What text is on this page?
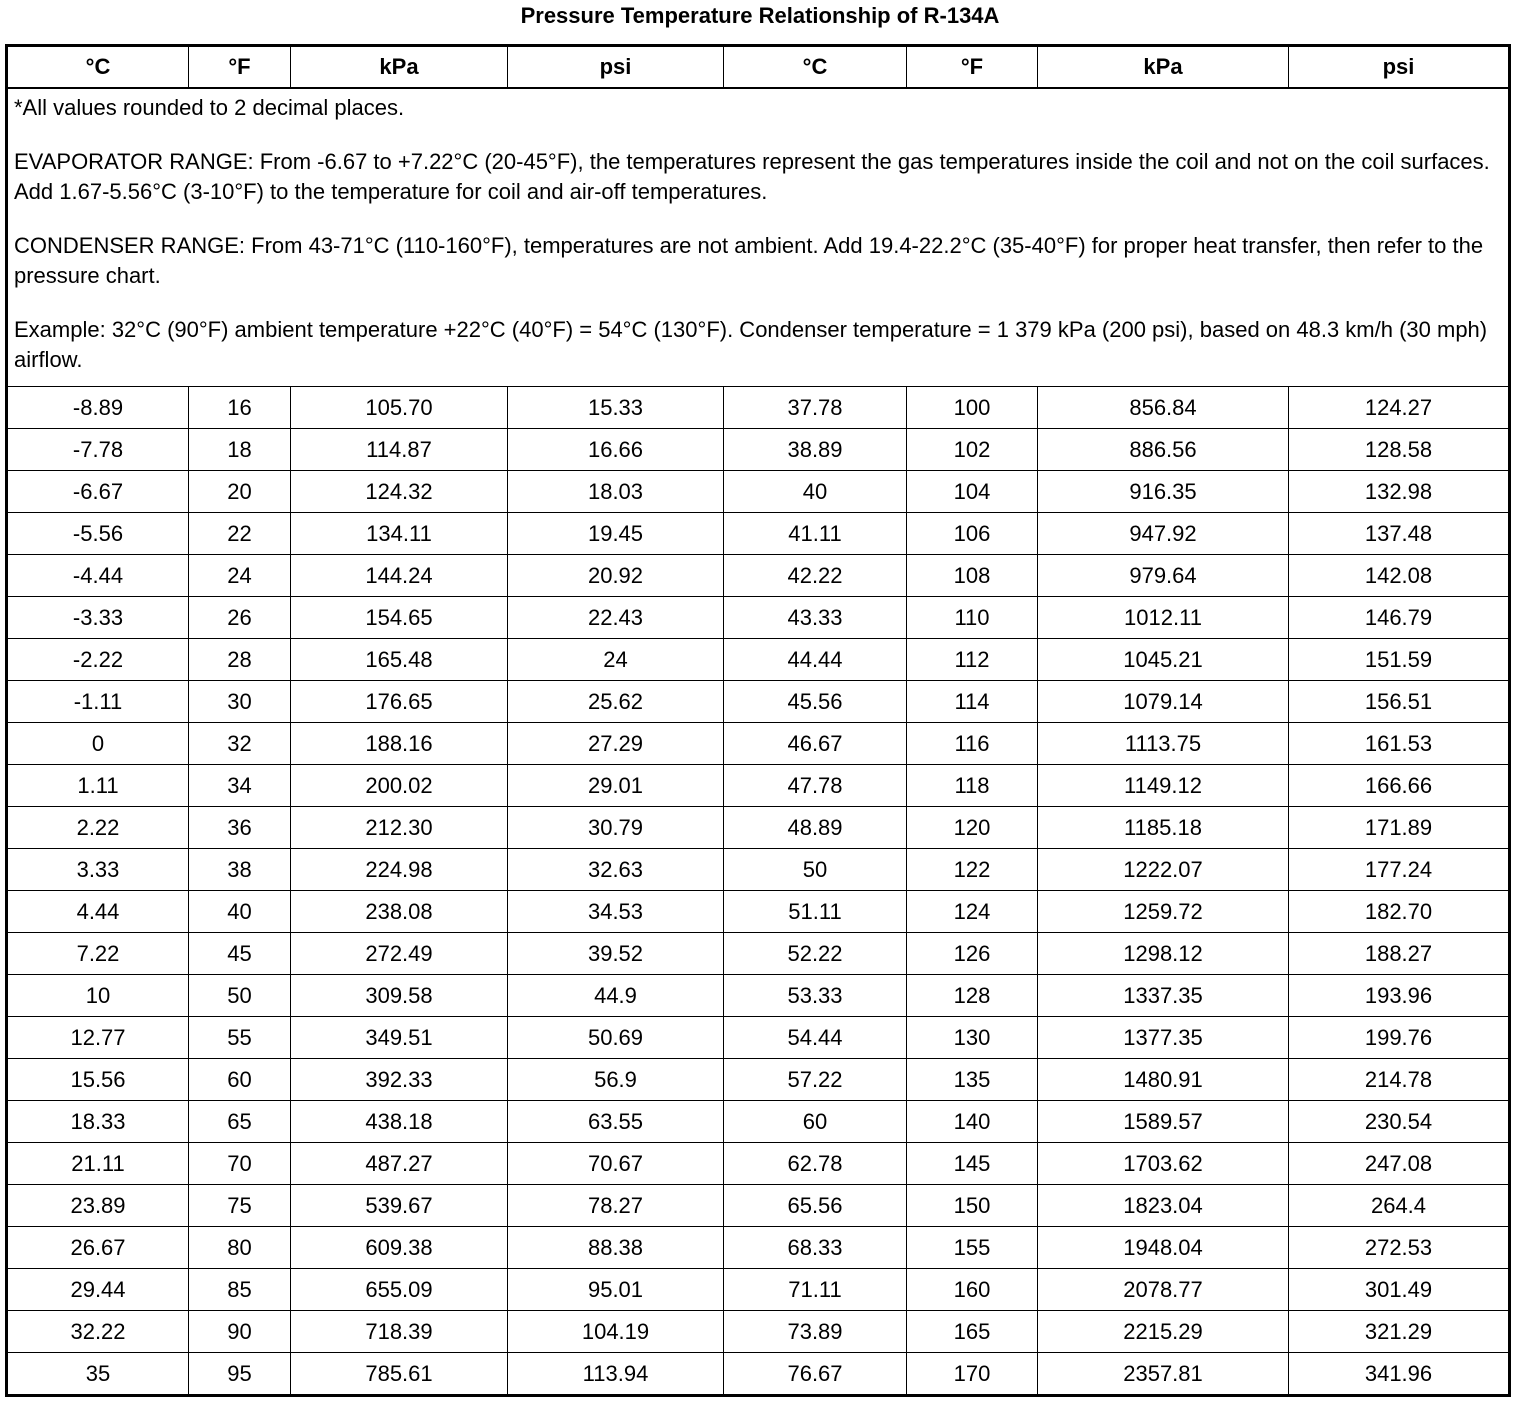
Pressure Temperature Relationship of R-134A
°C	°F	kPa	psi	°C	°F	kPa	psi

*All values rounded to 2 decimal places.

EVAPORATOR RANGE: From -6.67 to +7.22°C (20-45°F), the temperatures represent the gas temperatures inside the coil and not on the coil surfaces. Add 1.67-5.56°C (3-10°F) to the temperature for coil and air-off temperatures.

CONDENSER RANGE: From 43-71°C (110-160°F), temperatures are not ambient. Add 19.4-22.2°C (35-40°F) for proper heat transfer, then refer to the pressure chart.

Example: 32°C (90°F) ambient temperature +22°C (40°F) = 54°C (130°F). Condenser temperature = 1 379 kPa (200 psi), based on 48.3 km/h (30 mph) airflow.							

-8.89	16	105.70	15.33	37.78	100	856.84	124.27
-7.78	18	114.87	16.66	38.89	102	886.56	128.58
-6.67	20	124.32	18.03	40	104	916.35	132.98
-5.56	22	134.11	19.45	41.11	106	947.92	137.48
-4.44	24	144.24	20.92	42.22	108	979.64	142.08
-3.33	26	154.65	22.43	43.33	110	1012.11	146.79
-2.22	28	165.48	24	44.44	112	1045.21	151.59
-1.11	30	176.65	25.62	45.56	114	1079.14	156.51
0	32	188.16	27.29	46.67	116	1113.75	161.53
1.11	34	200.02	29.01	47.78	118	1149.12	166.66
2.22	36	212.30	30.79	48.89	120	1185.18	171.89
3.33	38	224.98	32.63	50	122	1222.07	177.24
4.44	40	238.08	34.53	51.11	124	1259.72	182.70
7.22	45	272.49	39.52	52.22	126	1298.12	188.27
10	50	309.58	44.9	53.33	128	1337.35	193.96
12.77	55	349.51	50.69	54.44	130	1377.35	199.76
15.56	60	392.33	56.9	57.22	135	1480.91	214.78
18.33	65	438.18	63.55	60	140	1589.57	230.54
21.11	70	487.27	70.67	62.78	145	1703.62	247.08
23.89	75	539.67	78.27	65.56	150	1823.04	264.4
26.67	80	609.38	88.38	68.33	155	1948.04	272.53
29.44	85	655.09	95.01	71.11	160	2078.77	301.49
32.22	90	718.39	104.19	73.89	165	2215.29	321.29
35	95	785.61	113.94	76.67	170	2357.81	341.96
